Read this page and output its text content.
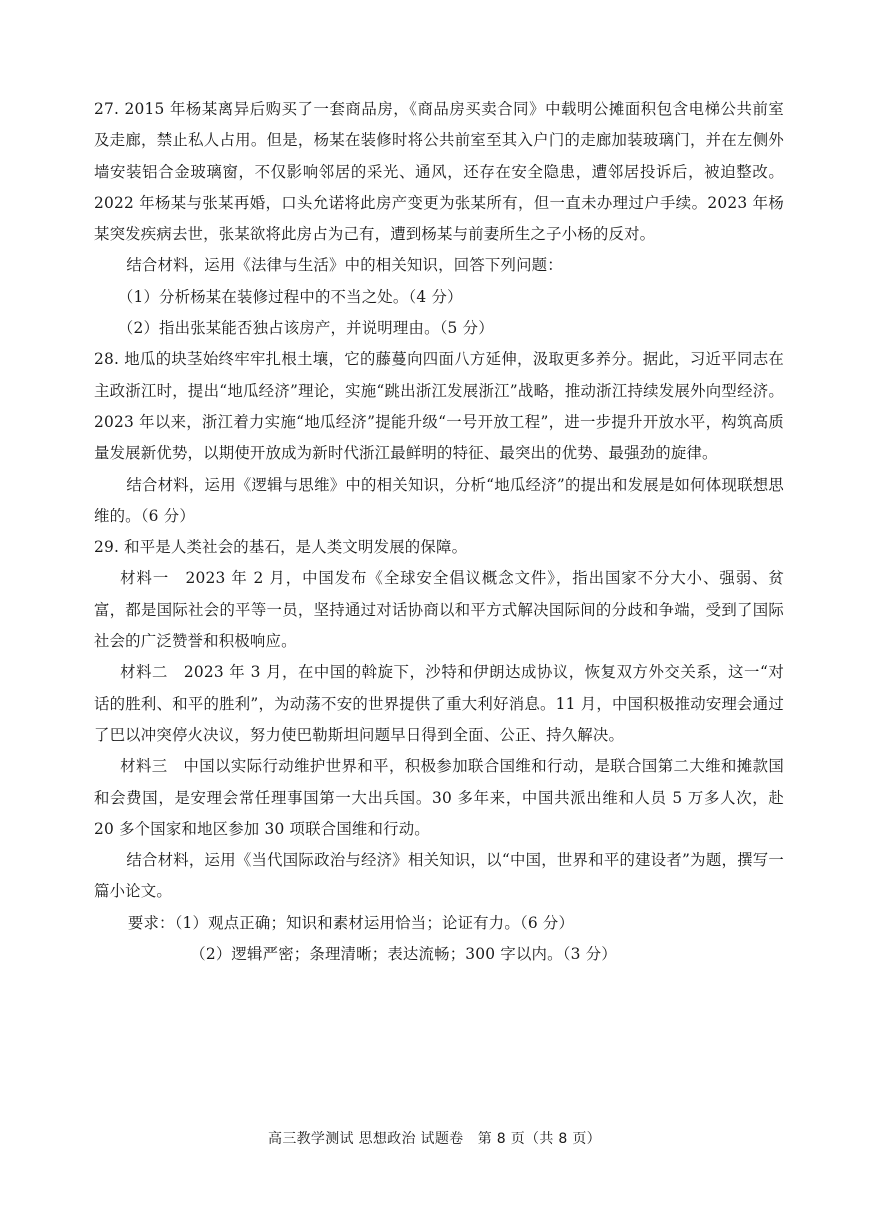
27. 2015 年杨某离异后购买了一套商品房，《商品房买卖合同》中载明公摊面积包含电梯公共前室及走廊，禁止私人占用。但是，杨某在装修时将公共前室至其入户门的走廊加装玻璃门，并在左侧外墙安装铝合金玻璃窗，不仅影响邻居的采光、通风，还存在安全隐患，遭邻居投诉后，被迫整改。2022 年杨某与张某再婚，口头允诺将此房产变更为张某所有，但一直未办理过户手续。2023 年杨某突发疾病去世，张某欲将此房占为己有，遭到杨某与前妻所生之子小杨的反对。

结合材料，运用《法律与生活》中的相关知识，回答下列问题：

（1）分析杨某在装修过程中的不当之处。（4 分）

（2）指出张某能否独占该房产，并说明理由。（5 分）

28. 地瓜的块茎始终牢牢扎根土壤，它的藤蔓向四面八方延伸，汲取更多养分。据此，习近平同志在主政浙江时，提出“地瓜经济”理论，实施“跳出浙江发展浙江”战略，推动浙江持续发展外向型经济。2023 年以来，浙江着力实施“地瓜经济”提能升级“一号开放工程”，进一步提升开放水平，构筑高质量发展新优势，以期使开放成为新时代浙江最鲜明的特征、最突出的优势、最强劲的旋律。

结合材料，运用《逻辑与思维》中的相关知识，分析“地瓜经济”的提出和发展是如何体现联想思维的。（6 分）

29. 和平是人类社会的基石，是人类文明发展的保障。

材料一　2023 年 2 月，中国发布《全球安全倡议概念文件》，指出国家不分大小、强弱、贫富，都是国际社会的平等一员，坚持通过对话协商以和平方式解决国际间的分歧和争端，受到了国际社会的广泛赞誉和积极响应。

材料二　2023 年 3 月，在中国的斡旋下，沙特和伊朗达成协议，恢复双方外交关系，这一“对话的胜利、和平的胜利”，为动荡不安的世界提供了重大利好消息。11 月，中国积极推动安理会通过了巴以冲突停火决议，努力使巴勒斯坦问题早日得到全面、公正、持久解决。

材料三　中国以实际行动维护世界和平，积极参加联合国维和行动，是联合国第二大维和摊款国和会费国，是安理会常任理事国第一大出兵国。30 多年来，中国共派出维和人员 5 万多人次，赴 20 多个国家和地区参加 30 项联合国维和行动。

结合材料，运用《当代国际政治与经济》相关知识，以“中国，世界和平的建设者”为题，撰写一篇小论文。

要求：（1）观点正确；知识和素材运用恰当；论证有力。（6 分）

（2）逻辑严密；条理清晰；表达流畅；300 字以内。（3 分）

高三教学测试 思想政治 试题卷　第 8 页（共 8 页）
